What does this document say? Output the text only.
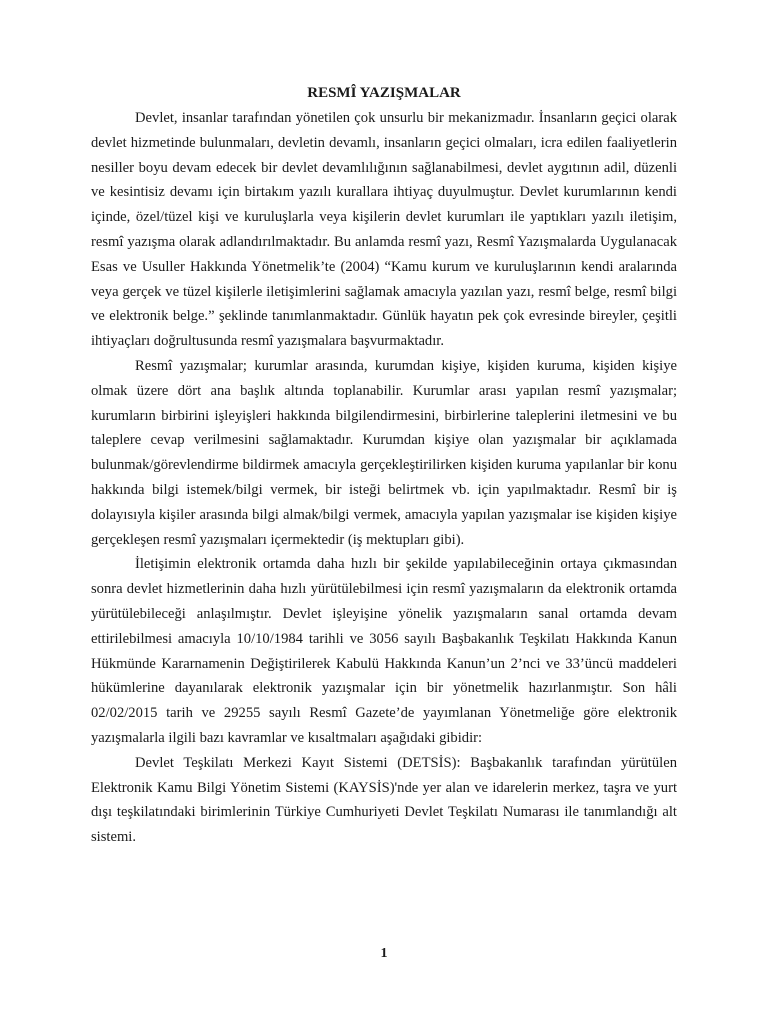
RESMÎ YAZIŞMALAR

Devlet, insanlar tarafından yönetilen çok unsurlu bir mekanizmadır. İnsanların geçici olarak devlet hizmetinde bulunmaları, devletin devamlı, insanların geçici olmaları, icra edilen faaliyetlerin nesiller boyu devam edecek bir devlet devamlılığının sağlanabilmesi, devlet aygıtının adil, düzenli ve kesintisiz devamı için birtakım yazılı kurallara ihtiyaç duyulmuştur. Devlet kurumlarının kendi içinde, özel/tüzel kişi ve kuruluşlarla veya kişilerin devlet kurumları ile yaptıkları yazılı iletişim, resmî yazışma olarak adlandırılmaktadır. Bu anlamda resmî yazı, Resmî Yazışmalarda Uygulanacak Esas ve Usuller Hakkında Yönetmelik’te (2004) “Kamu kurum ve kuruluşlarının kendi aralarında veya gerçek ve tüzel kişilerle iletişimlerini sağlamak amacıyla yazılan yazı, resmî belge, resmî bilgi ve elektronik belge.” şeklinde tanımlanmaktadır. Günlük hayatın pek çok evresinde bireyler, çeşitli ihtiyaçları doğrultusunda resmî yazışmalara başvurmaktadır.

Resmî yazışmalar; kurumlar arasında, kurumdan kişiye, kişiden kuruma, kişiden kişiye olmak üzere dört ana başlık altında toplanabilir. Kurumlar arası yapılan resmî yazışmalar; kurumların birbirini işleyişleri hakkında bilgilendirmesini, birbirlerine taleplerini iletmesini ve bu taleplere cevap verilmesini sağlamaktadır. Kurumdan kişiye olan yazışmalar bir açıklamada bulunmak/görevlendirme bildirmek amacıyla gerçekleştirilirken kişiden kuruma yapılanlar bir konu hakkında bilgi istemek/bilgi vermek, bir isteği belirtmek vb. için yapılmaktadır. Resmî bir iş dolayısıyla kişiler arasında bilgi almak/bilgi vermek, amacıyla yapılan yazışmalar ise kişiden kişiye gerçekleşen resmî yazışmaları içermektedir (iş mektupları gibi).

İletişimin elektronik ortamda daha hızlı bir şekilde yapılabileceğinin ortaya çıkmasından sonra devlet hizmetlerinin daha hızlı yürütülebilmesi için resmî yazışmaların da elektronik ortamda yürütülebileceği anlaşılmıştır. Devlet işleyişine yönelik yazışmaların sanal ortamda devam ettirilebilmesi amacıyla 10/10/1984 tarihli ve 3056 sayılı Başbakanlık Teşkilatı Hakkında Kanun Hükmünde Kararnamenin Değiştirilerek Kabulü Hakkında Kanun’un 2’nci ve 33’üncü maddeleri hükümlerine dayanılarak elektronik yazışmalar için bir yönetmelik hazırlanmıştır. Son hâli 02/02/2015 tarih ve 29255 sayılı Resmî Gazete’de yayımlanan Yönetmeliğe göre elektronik yazışmalarla ilgili bazı kavramlar ve kısaltmaları aşağıdaki gibidir:

Devlet Teşkilatı Merkezi Kayıt Sistemi (DETSİS): Başbakanlık tarafından yürütülen Elektronik Kamu Bilgi Yönetim Sistemi (KAYSİS)'nde yer alan ve idarelerin merkez, taşra ve yurt dışı teşkilatındaki birimlerinin Türkiye Cumhuriyeti Devlet Teşkilatı Numarası ile tanımlandığı alt sistemi.

1
